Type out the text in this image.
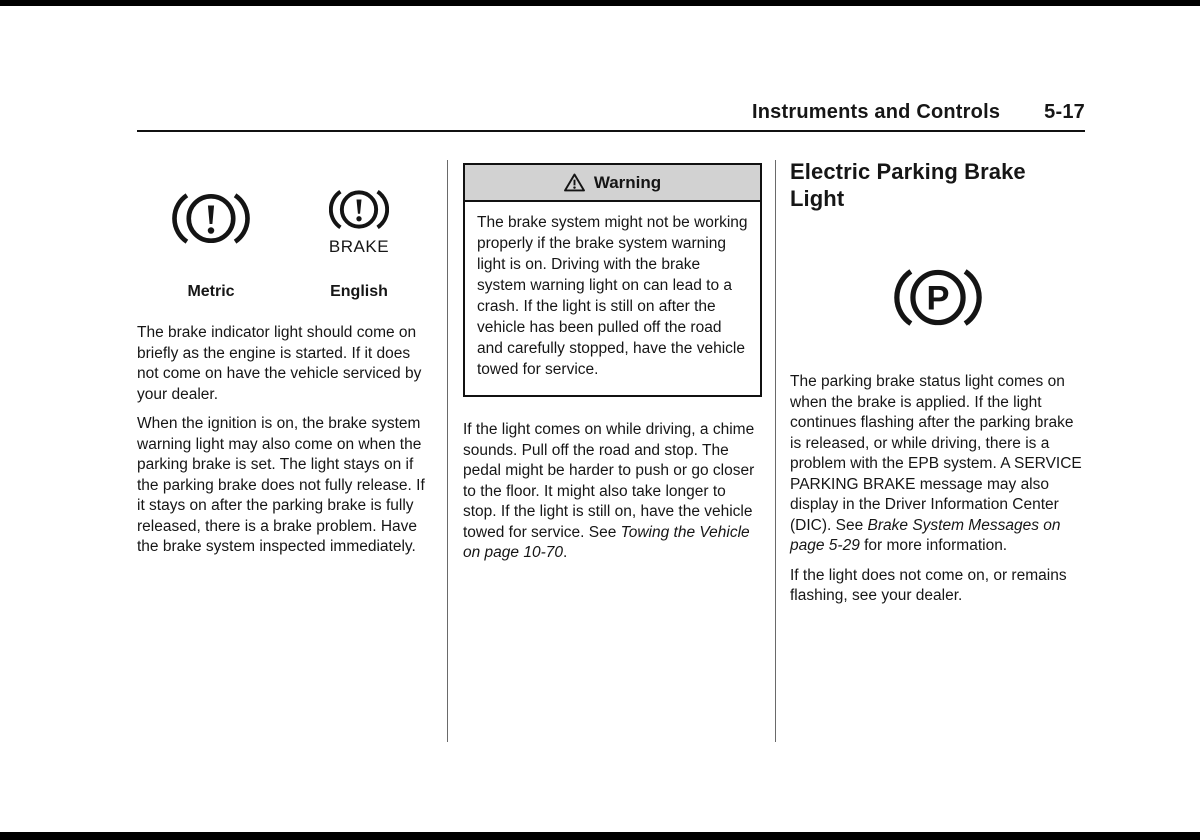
Instruments and Controls 5-17
BRAKE
Metric	English

The brake indicator light should come on briefly as the engine is started. If it does not come on have the vehicle serviced by your dealer.

When the ignition is on, the brake system warning light may also come on when the parking brake is set. The light stays on if the parking brake does not fully release. If it stays on after the parking brake is fully released, there is a brake problem. Have the brake system inspected immediately.

Warning
The brake system might not be working properly if the brake system warning light is on. Driving with the brake system warning light on can lead to a crash. If the light is still on after the vehicle has been pulled off the road and carefully stopped, have the vehicle towed for service.

If the light comes on while driving, a chime sounds. Pull off the road and stop. The pedal might be harder to push or go closer to the floor. It might also take longer to stop. If the light is still on, have the vehicle towed for service. See Towing the Vehicle on page 10-70.

Electric Parking Brake Light
P

The parking brake status light comes on when the brake is applied. If the light continues flashing after the parking brake is released, or while driving, there is a problem with the EPB system. A SERVICE PARKING BRAKE message may also display in the Driver Information Center (DIC). See Brake System Messages on page 5-29 for more information.

If the light does not come on, or remains flashing, see your dealer.
